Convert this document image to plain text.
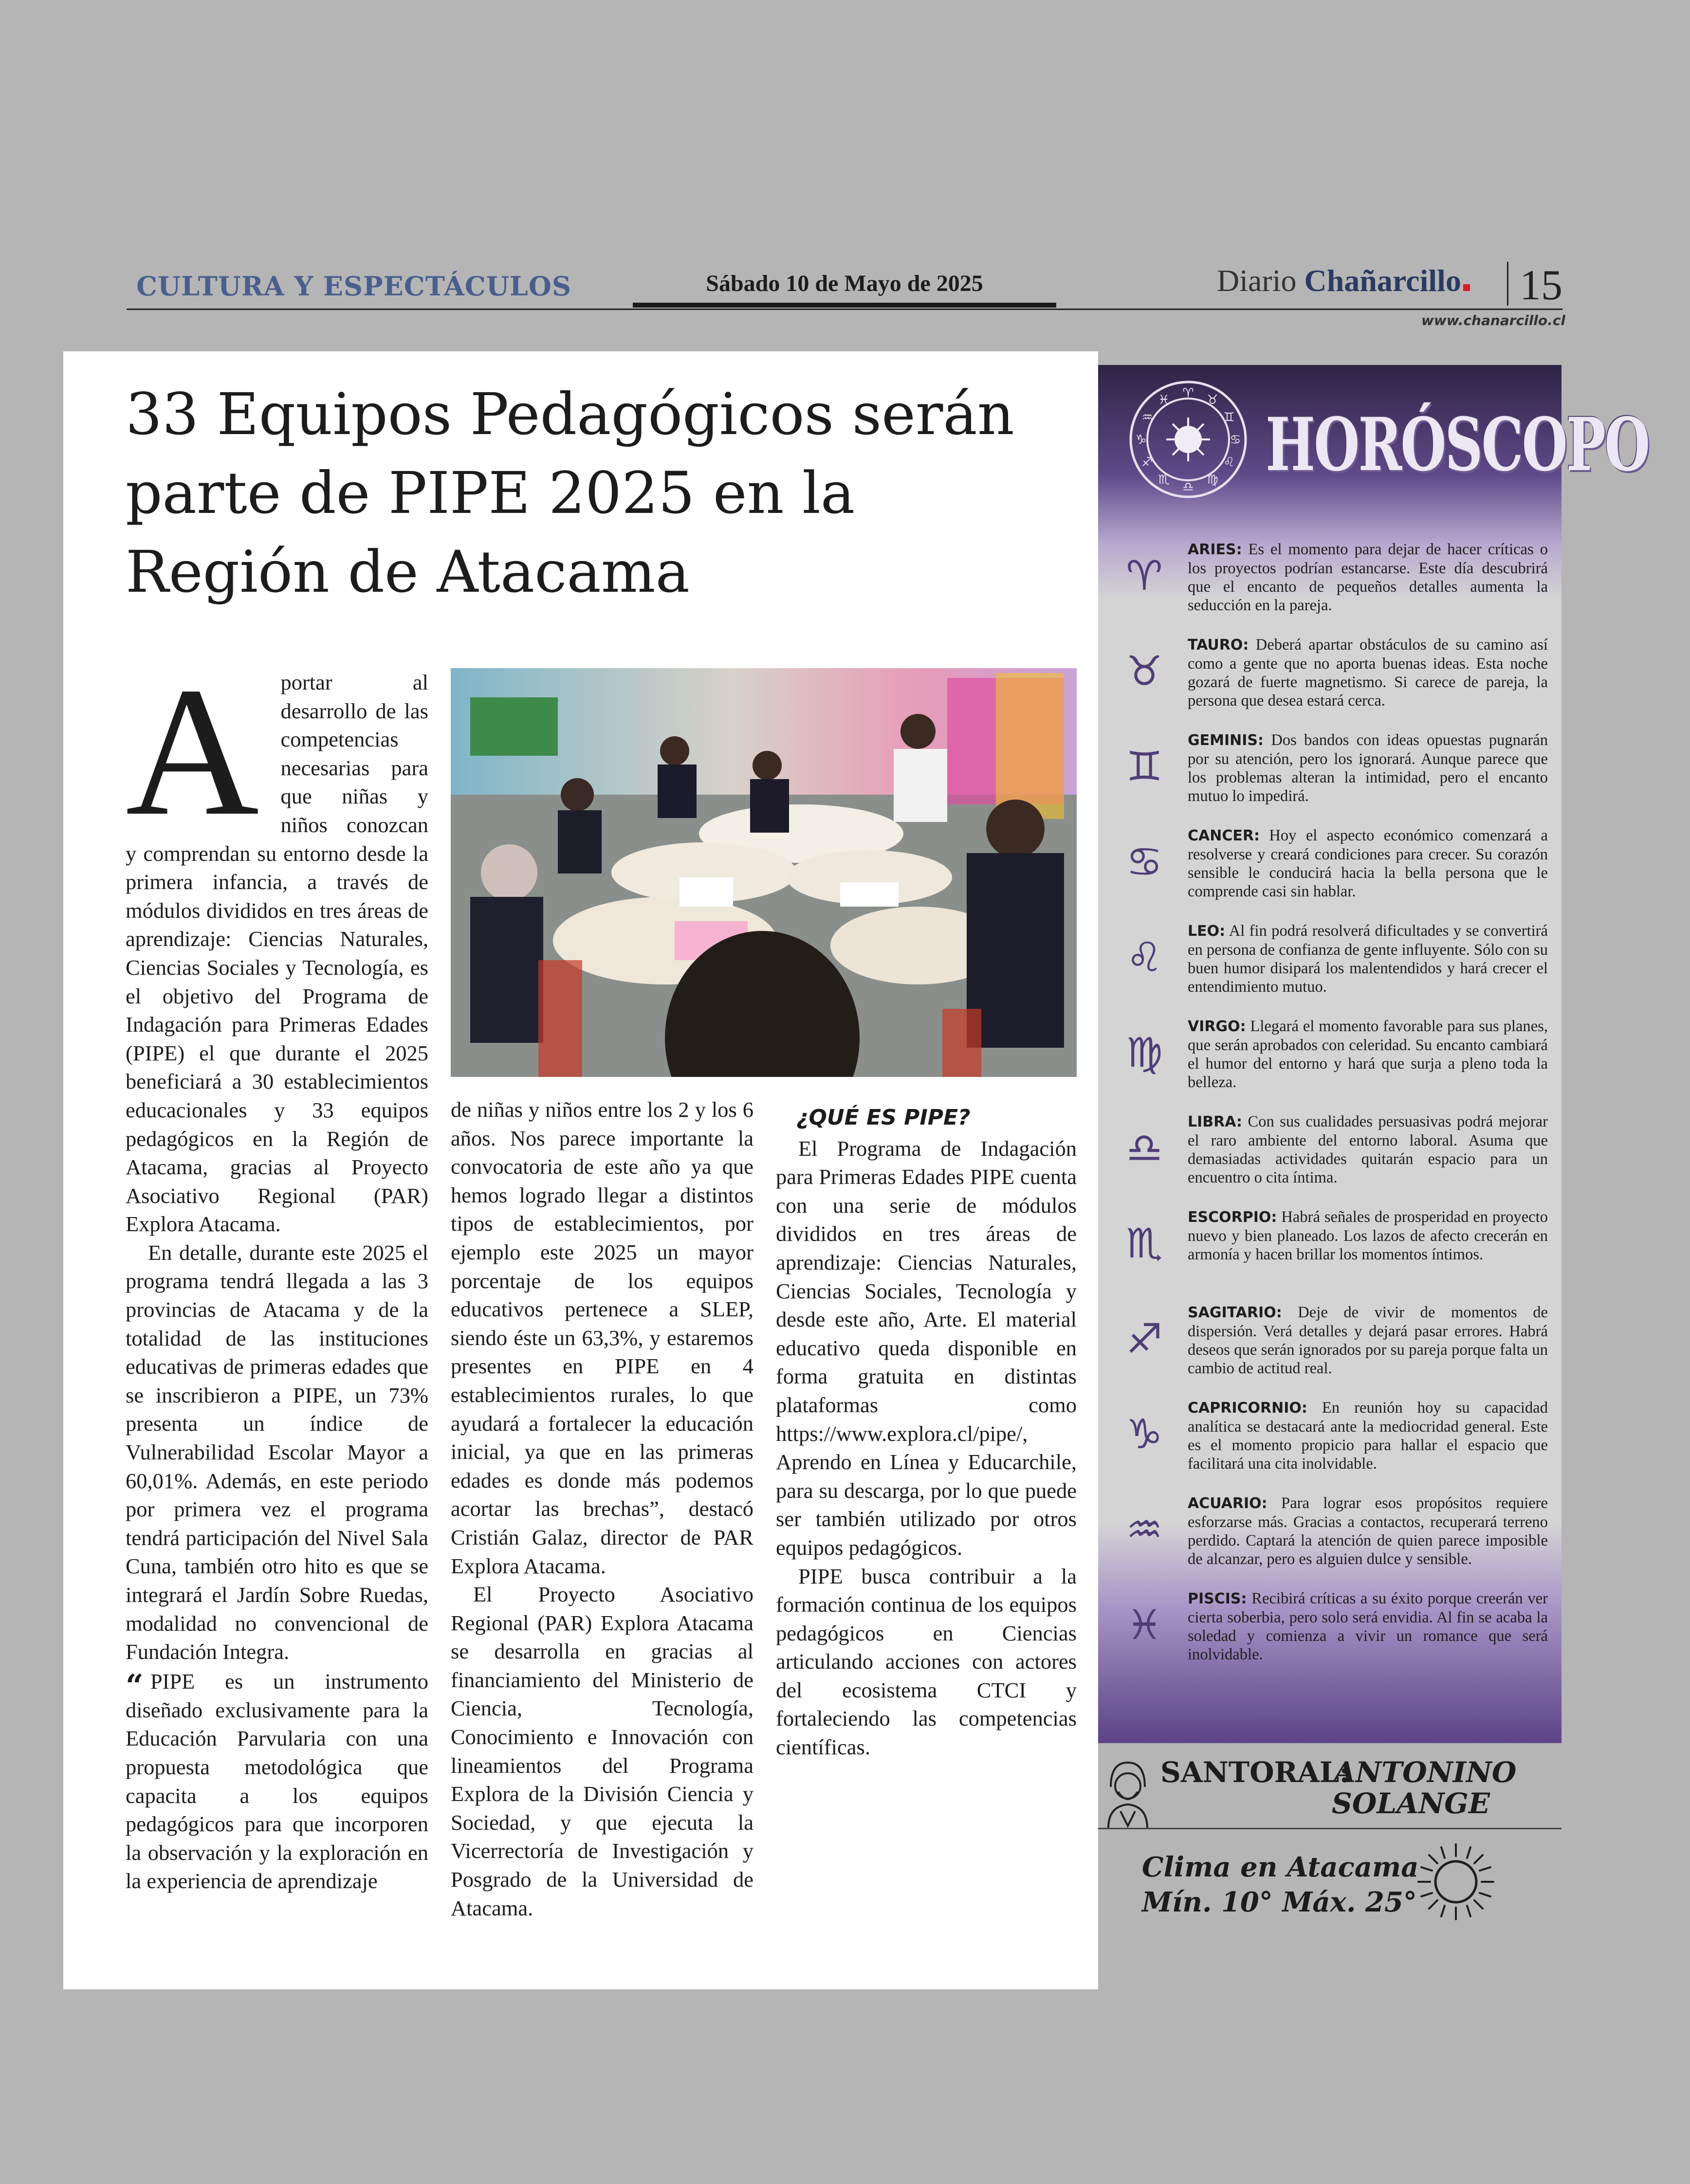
CULTURA Y ESPECTÁCULOS	Sábado 10 de Mayo de 2025	Diario Chañarcillo 15
www.chanarcillo.cl
33 Equipos Pedagógicos serán parte de PIPE 2025 en la Región de Atacama

Aportar al desarrollo de las competencias necesarias para que niñas y niños conozcan y comprendan su entorno desde la primera infancia, a través de módulos divididos en tres áreas de aprendizaje: Ciencias Naturales, Ciencias Sociales y Tecnología, es el objetivo del Programa de Indagación para Primeras Edades (PIPE) el que durante el 2025 beneficiará a 30 establecimientos educacionales y 33 equipos pedagógicos en la Región de Atacama, gracias al Proyecto Asociativo Regional (PAR) Explora Atacama.

En detalle, durante este 2025 el programa tendrá llegada a las 3 provincias de Atacama y de la totalidad de las instituciones educativas de primeras edades que se inscribieron a PIPE, un 73% presenta un índice de Vulnerabilidad Escolar Mayor a 60,01%. Además, en este periodo por primera vez el programa tendrá participación del Nivel Sala Cuna, también otro hito es que se integrará el Jardín Sobre Ruedas, modalidad no convencional de Fundación Integra.

“ PIPE es un instrumento diseñado exclusivamente para la Educación Parvularia con una propuesta metodológica que capacita a los equipos pedagógicos para que incorporen la observación y la exploración en la experiencia de aprendizaje

de niñas y niños entre los 2 y los 6 años. Nos parece importante la convocatoria de este año ya que hemos logrado llegar a distintos tipos de establecimientos, por ejemplo este 2025 un mayor porcentaje de los equipos educativos pertenece a SLEP, siendo éste un 63,3%, y estaremos presentes en PIPE en 4 establecimientos rurales, lo que ayudará a fortalecer la educación inicial, ya que en las primeras edades es donde más podemos acortar las brechas”, destacó Cristián Galaz, director de PAR Explora Atacama.

El Proyecto Asociativo Regional (PAR) Explora Atacama se desarrolla en gracias al financiamiento del Ministerio de Ciencia, Tecnología, Conocimiento e Innovación con lineamientos del Programa Explora de la División Ciencia y Sociedad, y que ejecuta la Vicerrectoría de Investigación y Posgrado de la Universidad de Atacama.

¿QUÉ ES PIPE?

El Programa de Indagación para Primeras Edades PIPE cuenta con una serie de módulos divididos en tres áreas de aprendizaje: Ciencias Naturales, Ciencias Sociales, Tecnología y desde este año, Arte. El material educativo queda disponible en forma gratuita en distintas plataformas como https://www.explora.cl/pipe/, Aprendo en Línea y Educarchile, para su descarga, por lo que puede ser también utilizado por otros equipos pedagógicos.

PIPE busca contribuir a la formación continua de los equipos pedagógicos en Ciencias articulando acciones con actores del ecosistema CTCI y fortaleciendo las competencias científicas.

♈ ♉
♊
♋
♌
♍
♎
♏
♐
♑
♒
♓
HORÓSCOPO
♈
ARIES: Es el momento para dejar de hacer críticas o los proyectos podrían estancarse. Este día descubrirá que el encanto de pequeños detalles aumenta la seducción en la pareja.
♉
TAURO: Deberá apartar obstáculos de su camino así como a gente que no aporta buenas ideas. Esta noche gozará de fuerte magnetismo. Si carece de pareja, la persona que desea estará cerca.
♊
GEMINIS: Dos bandos con ideas opuestas pugnarán por su atención, pero los ignorará. Aunque parece que los problemas alteran la intimidad, pero el encanto mutuo lo impedirá.
♋
CANCER: Hoy el aspecto económico comenzará a resolverse y creará condiciones para crecer. Su corazón sensible le conducirá hacia la bella persona que le comprende casi sin hablar.
♌
LEO: Al fin podrá resolverá dificultades y se convertirá en persona de confianza de gente influyente. Sólo con su buen humor disipará los malentendidos y hará crecer el entendimiento mutuo.
♍
VIRGO: Llegará el momento favorable para sus planes, que serán aprobados con celeridad. Su encanto cambiará el humor del entorno y hará que surja a pleno toda la belleza.
♎
LIBRA: Con sus cualidades persuasivas podrá mejorar el raro ambiente del entorno laboral. Asuma que demasiadas actividades quitarán espacio para un encuentro o cita íntima.
♏
ESCORPIO: Habrá señales de prosperidad en proyecto nuevo y bien planeado. Los lazos de afecto crecerán en armonía y hacen brillar los momentos íntimos.
♐
SAGITARIO: Deje de vivir de momentos de dispersión. Verá detalles y dejará pasar errores. Habrá deseos que serán ignorados por su pareja porque falta un cambio de actitud real.
♑
CAPRICORNIO: En reunión hoy su capacidad analítica se destacará ante la mediocridad general. Este es el momento propicio para hallar el espacio que facilitará una cita inolvidable.
♒
ACUARIO: Para lograr esos propósitos requiere esforzarse más. Gracias a contactos, recuperará terreno perdido. Captará la atención de quien parece imposible de alcanzar, pero es alguien dulce y sensible.
♓
PISCIS: Recibirá críticas a su éxito porque creerán ver cierta soberbia, pero solo será envidia. Al fin se acaba la soledad y comienza a vivir un romance que será inolvidable.
SANTORAL:
ANTONINO
SOLANGE
Clima en Atacama
Mín. 10° Máx. 25°
